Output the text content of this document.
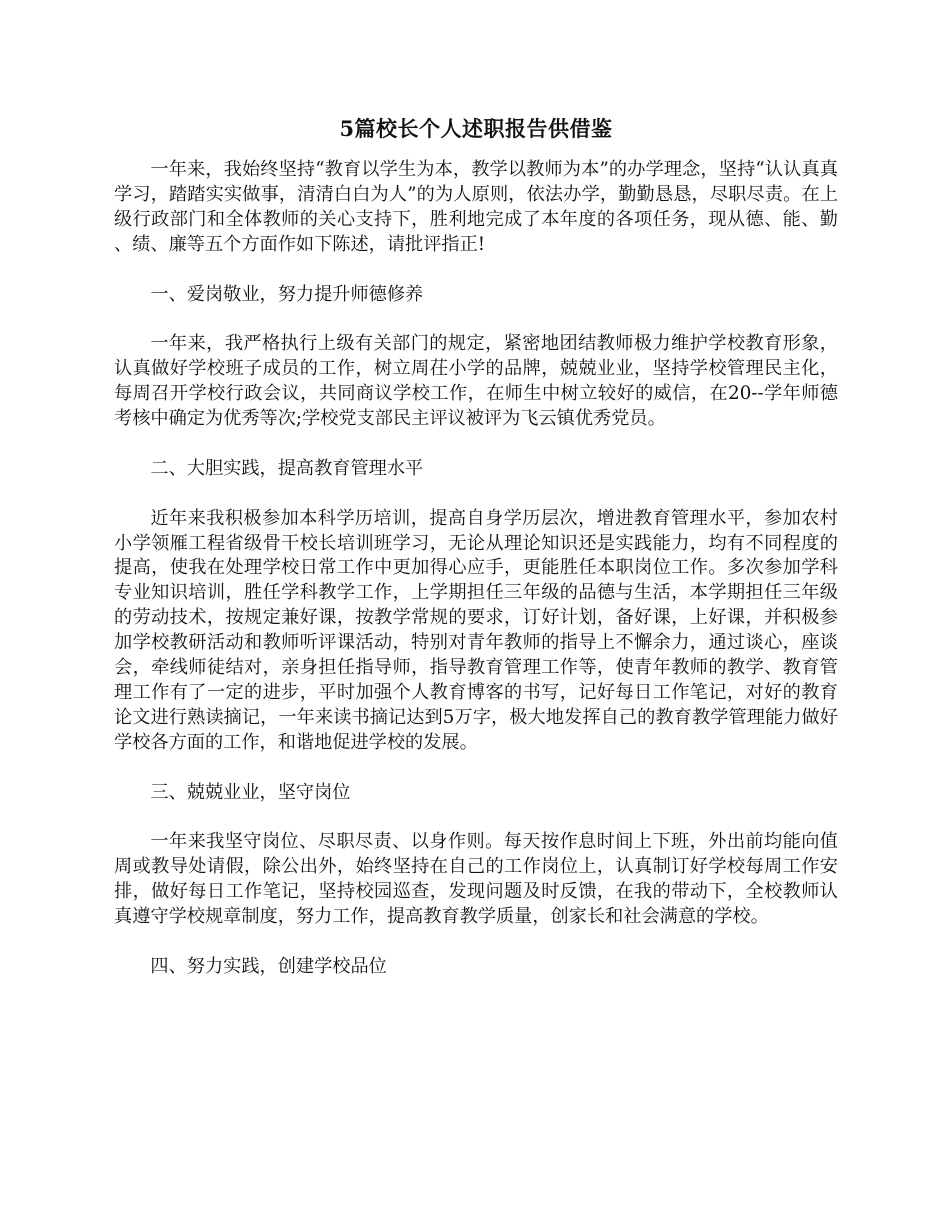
5篇校长个人述职报告供借鉴

一年来，我始终坚持“教育以学生为本，教学以教师为本”的办学理念，坚持“认认真真学习，踏踏实实做事，清清白白为人”的为人原则，依法办学，勤勤恳恳，尽职尽责。在上级行政部门和全体教师的关心支持下，胜利地完成了本年度的各项任务，现从德、能、勤、绩、廉等五个方面作如下陈述，请批评指正!

一、爱岗敬业，努力提升师德修养

一年来，我严格执行上级有关部门的规定，紧密地团结教师极力维护学校教育形象，认真做好学校班子成员的工作，树立周茌小学的品牌，兢兢业业，坚持学校管理民主化，每周召开学校行政会议，共同商议学校工作，在师生中树立较好的威信，在20--学年师德考核中确定为优秀等次;学校党支部民主评议被评为飞云镇优秀党员。

二、大胆实践，提高教育管理水平

近年来我积极参加本科学历培训，提高自身学历层次，增进教育管理水平，参加农村小学领雁工程省级骨干校长培训班学习，无论从理论知识还是实践能力，均有不同程度的提高，使我在处理学校日常工作中更加得心应手，更能胜任本职岗位工作。多次参加学科专业知识培训，胜任学科教学工作，上学期担任三年级的品德与生活，本学期担任三年级的劳动技术，按规定兼好课，按教学常规的要求，订好计划，备好课，上好课，并积极参加学校教研活动和教师听评课活动，特别对青年教师的指导上不懈余力，通过谈心，座谈会，牵线师徒结对，亲身担任指导师，指导教育管理工作等，使青年教师的教学、教育管理工作有了一定的进步，平时加强个人教育博客的书写，记好每日工作笔记，对好的教育论文进行熟读摘记，一年来读书摘记达到5万字，极大地发挥自己的教育教学管理能力做好学校各方面的工作，和谐地促进学校的发展。

三、兢兢业业，坚守岗位

一年来我坚守岗位、尽职尽责、以身作则。每天按作息时间上下班，外出前均能向值周或教导处请假，除公出外，始终坚持在自己的工作岗位上，认真制订好学校每周工作安排，做好每日工作笔记，坚持校园巡查，发现问题及时反馈，在我的带动下，全校教师认真遵守学校规章制度，努力工作，提高教育教学质量，创家长和社会满意的学校。

四、努力实践，创建学校品位
